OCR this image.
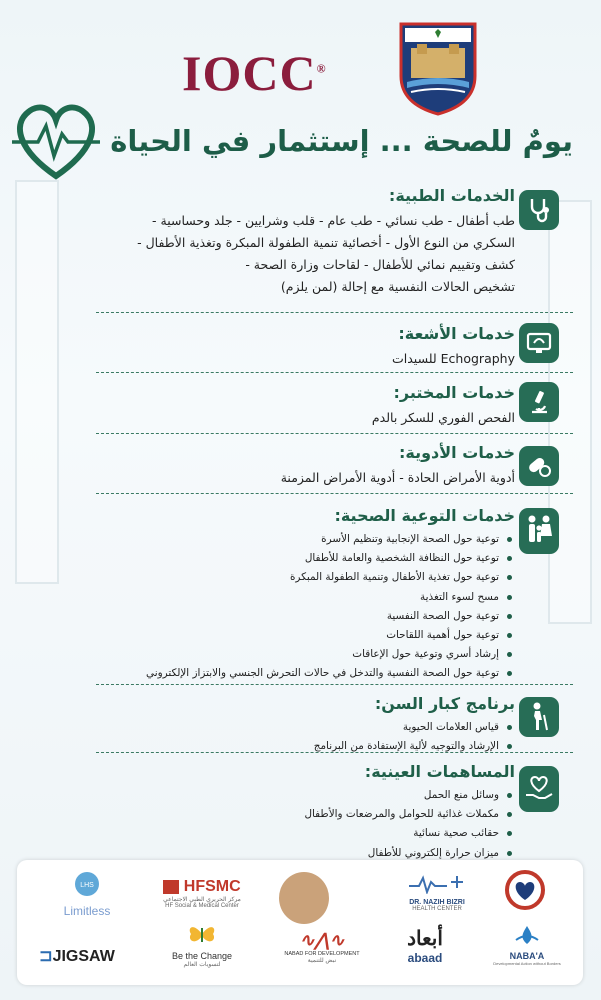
IOCC®
يومٌ للصحة ... إستثمار في الحياة
الخدمات الطبية:
طب أطفال - طب نسائي - طب عام - قلب وشرايين - جلد وحساسية -
السكري من النوع الأول - أخصائية تنمية الطفولة المبكرة وتغذية الأطفال -
كشف وتقييم نمائي للأطفال - لقاحات وزارة الصحة -
تشخيص الحالات النفسية مع إحالة (لمن يلزم)
خدمات الأشعة:
Echography للسيدات
خدمات المختبر:
الفحص الفوري للسكر بالدم
خدمات الأدوية:
أدوية الأمراض الحادة - أدوية الأمراض المزمنة
خدمات التوعية الصحية:
توعية حول الصحة الإنجابية وتنظيم الأسرة
توعية حول النظافة الشخصية والعامة للأطفال
توعية حول تغذية الأطفال وتنمية الطفولة المبكرة
مسح لسوء التغذية
توعية حول الصحة النفسية
توعية حول أهمية اللقاحات
إرشاد أسري وتوعية حول الإعاقات
توعية حول الصحة النفسية والتدخل في حالات التحرش الجنسي والابتزاز الإلكتروني
برنامج كبار السن:
قياس العلامات الحيوية
الإرشاد والتوجيه لألية الإستفادة من البرنامج
المساهمات العينية:
وسائل منع الحمل
مكملات غذائية للحوامل والمرضعات والأطفال
حقائب صحية نسائية
ميزان حرارة إلكتروني للأطفال
LHS
Limitless
HFSMC
مركز الحريري الطبي الاجتماعي
HF Social & Medical Center	DR. NAZIH BIZRI
HEALTH CENTER
⊐JIGSAW	Be the Change
لتسويات العالم
∿⋀∿
NABAD FOR DEVELOPMENT
نبض للتنمية
أبعاد
abaad	NABA'A
Developmental Action without Borders
